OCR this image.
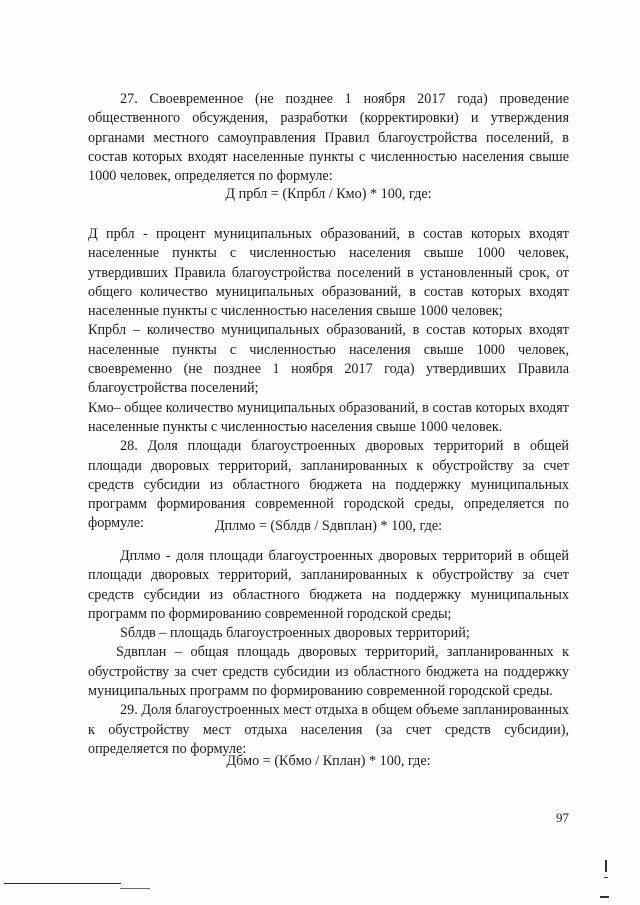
27. Своевременное (не позднее 1 ноября 2017 года) проведение общественного обсуждения, разработки (корректировки) и утверждения органами местного самоуправления Правил благоустройства поселений, в состав которых входят населенные пункты с численностью населения свыше 1000 человек, определяется по формуле:

Д прбл = (Кпрбл / Кмо) * 100, где:

Д прбл - процент муниципальных образований, в состав которых входят населенные пункты с численностью населения свыше 1000 человек, утвердивших Правила благоустройства поселений в установленный срок, от общего количество муниципальных образований, в состав которых входят населенные пункты с численностью населения свыше 1000 человек;

Кпрбл – количество муниципальных образований, в состав которых входят населенные пункты с численностью населения свыше 1000 человек, своевременно (не позднее 1 ноября 2017 года) утвердивших Правила благоустройства поселений;

Кмо– общее количество муниципальных образований, в состав которых входят населенные пункты с численностью населения свыше 1000 человек.

28. Доля площади благоустроенных дворовых территорий в общей площади дворовых территорий, запланированных к обустройству за счет средств субсидии из областного бюджета на поддержку муниципальных программ формирования современной городской среды, определяется по формуле:	Дплмо = (Sблдв / Sдвплан) * 100, где:

Дплмо - доля площади благоустроенных дворовых территорий в общей площади дворовых территорий, запланированных к обустройству за счет средств субсидии из областного бюджета на поддержку муниципальных программ по формированию современной городской среды;

Sблдв – площадь благоустроенных дворовых территорий;

Sдвплан – общая площадь дворовых территорий, запланированных к обустройству за счет средств субсидии из областного бюджета на поддержку муниципальных программ по формированию современной городской среды.

29. Доля благоустроенных мест отдыха в общем объеме запланированных к обустройству мест отдыха населения (за счет средств субсидии), определяется по формуле:

Дбмо = (Кбмо / Кплан) * 100, где:

97
